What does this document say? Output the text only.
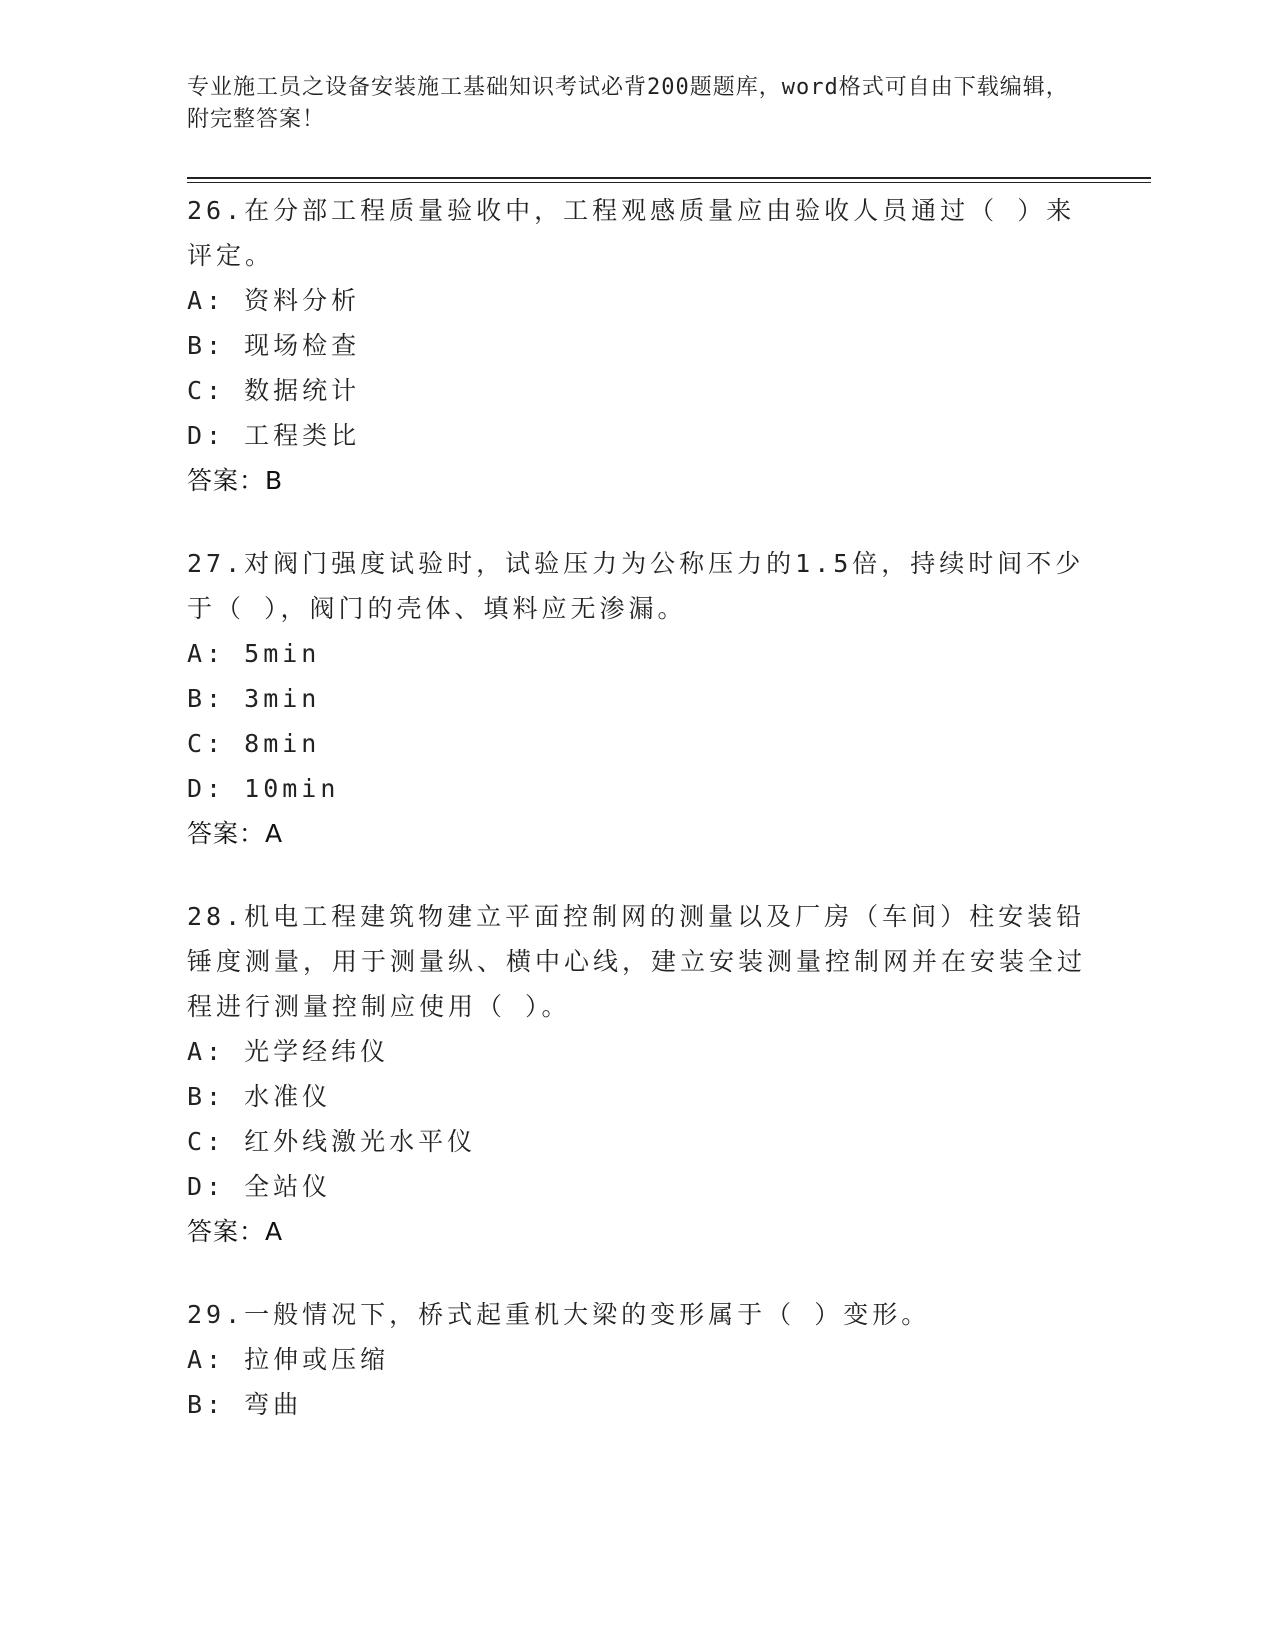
专业施工员之设备安装施工基础知识考试必背200题题库，word格式可自由下载编辑，附完整答案！

26.在分部工程质量验收中，工程观感质量应由验收人员通过（ ）来评定。

A: 资料分析

B: 现场检查

C: 数据统计

D: 工程类比

答案：B

27.对阀门强度试验时，试验压力为公称压力的1.5倍，持续时间不少于（ ），阀门的壳体、填料应无渗漏。

A: 5min

B: 3min

C: 8min

D: 10min

答案：A

28.机电工程建筑物建立平面控制网的测量以及厂房（车间）柱安装铅锤度测量，用于测量纵、横中心线，建立安装测量控制网并在安装全过程进行测量控制应使用（ ）。

A: 光学经纬仪

B: 水准仪

C: 红外线激光水平仪

D: 全站仪

答案：A

29.一般情况下，桥式起重机大梁的变形属于（ ）变形。

A: 拉伸或压缩

B: 弯曲
